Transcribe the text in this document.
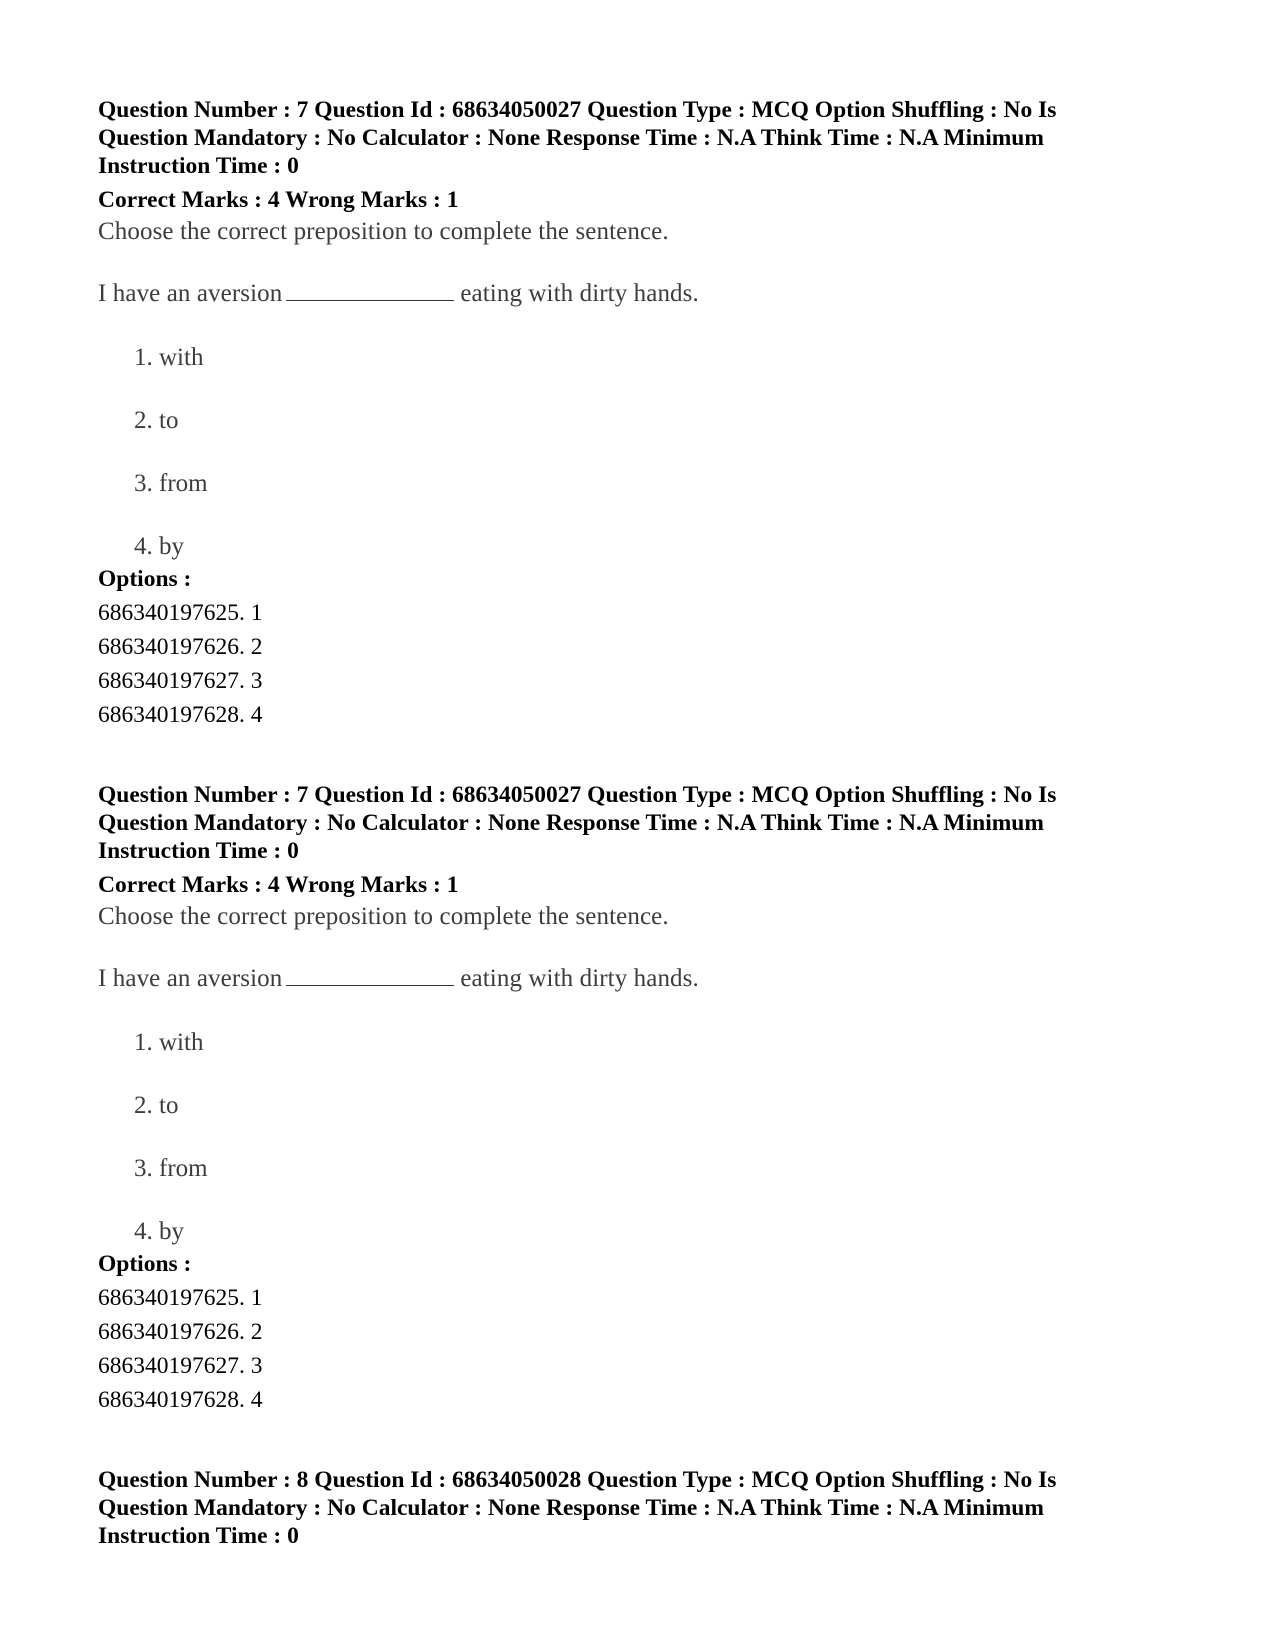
Question Number : 7 Question Id : 68634050027 Question Type : MCQ Option Shuffling : No Is
Question Mandatory : No Calculator : None Response Time : N.A Think Time : N.A Minimum
Instruction Time : 0
Correct Marks : 4 Wrong Marks : 1
Choose the correct preposition to complete the sentence.
I have an aversion	eating with dirty hands.
1. with
2. to
3. from
4. by
Options :
686340197625. 1
686340197626. 2
686340197627. 3
686340197628. 4
Question Number : 7 Question Id : 68634050027 Question Type : MCQ Option Shuffling : No Is
Question Mandatory : No Calculator : None Response Time : N.A Think Time : N.A Minimum
Instruction Time : 0
Correct Marks : 4 Wrong Marks : 1
Choose the correct preposition to complete the sentence.
I have an aversion	eating with dirty hands.
1. with
2. to
3. from
4. by
Options :
686340197625. 1
686340197626. 2
686340197627. 3
686340197628. 4
Question Number : 8 Question Id : 68634050028 Question Type : MCQ Option Shuffling : No Is
Question Mandatory : No Calculator : None Response Time : N.A Think Time : N.A Minimum
Instruction Time : 0
